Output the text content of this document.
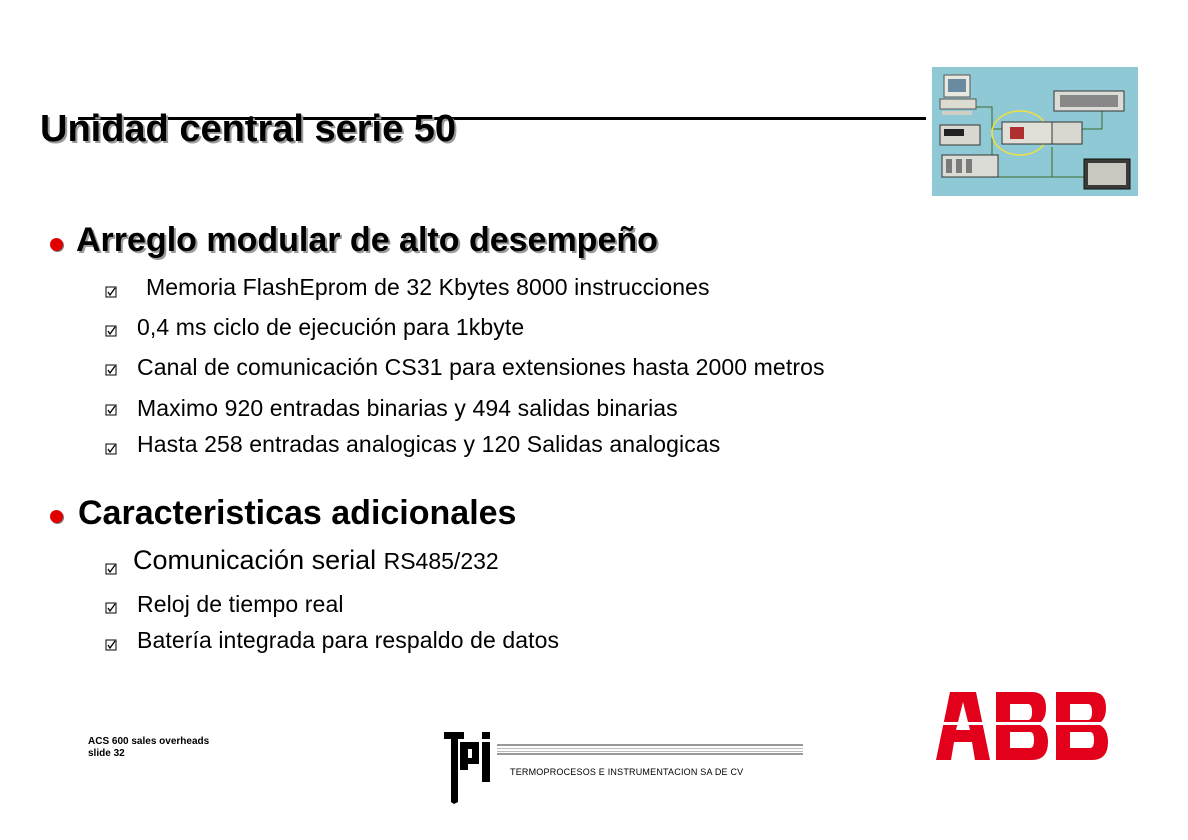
Unidad central serie 50
Arreglo modular de alto desempeño
Memoria FlashEprom de 32 Kbytes 8000 instrucciones
0,4 ms ciclo de ejecución para 1kbyte
Canal de comunicación CS31 para extensiones hasta 2000 metros
Maximo 920 entradas binarias y 494 salidas binarias
Hasta 258 entradas analogicas y 120 Salidas analogicas
Caracteristicas adicionales
Comunicación serial RS485/232
Reloj de tiempo real
Batería integrada para respaldo de datos
ACS 600 sales overheads
slide 32
TERMOPROCESOS E INSTRUMENTACION SA DE CV
